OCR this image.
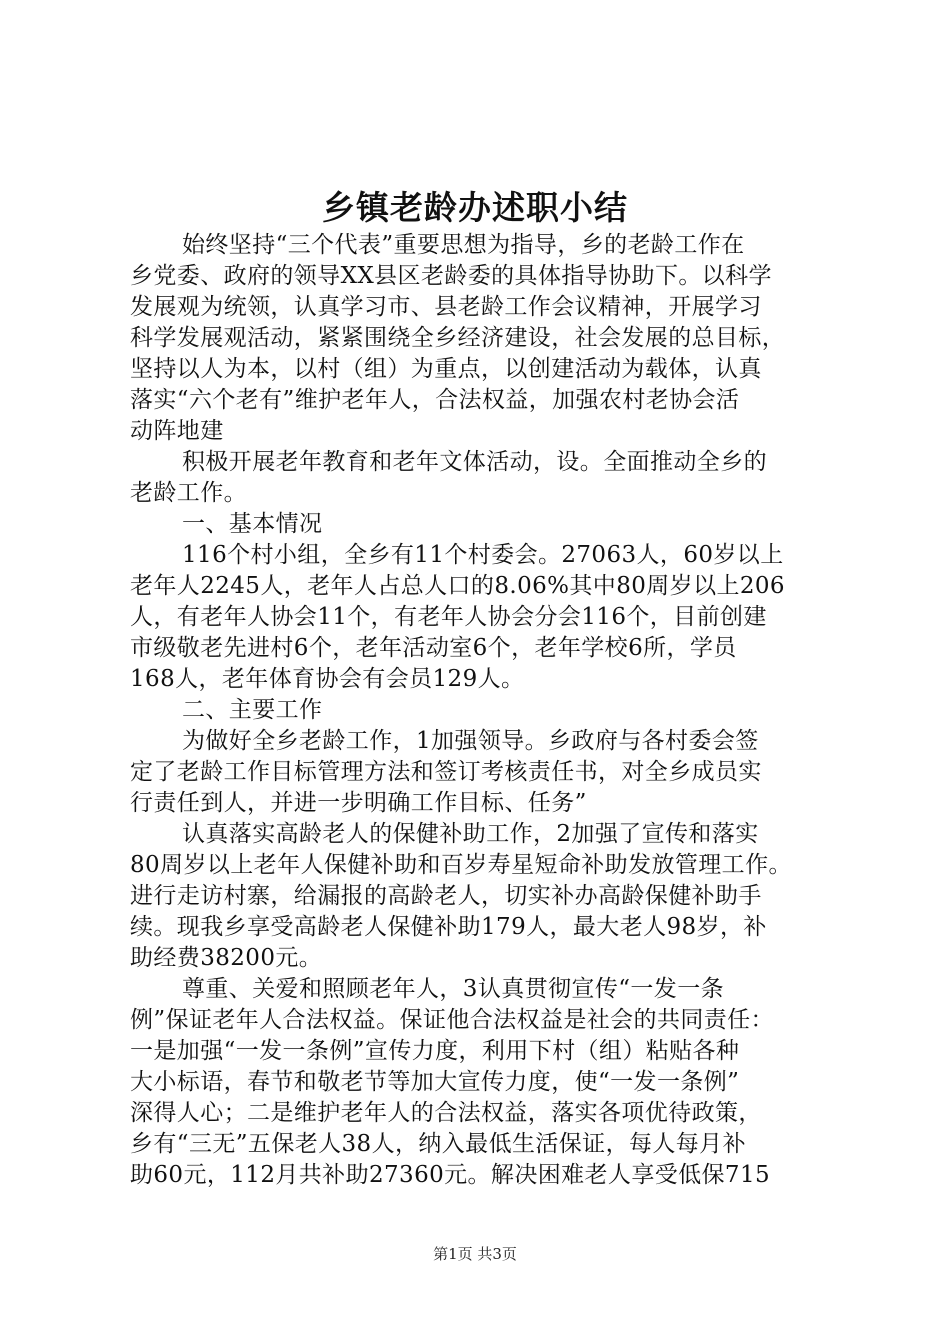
乡镇老龄办述职小结
始终坚持“三个代表”重要思想为指导，乡的老龄工作在
乡党委、政府的领导XX县区老龄委的具体指导协助下。以科学
发展观为统领，认真学习市、县老龄工作会议精神，开展学习
科学发展观活动，紧紧围绕全乡经济建设，社会发展的总目标，
坚持以人为本，以村（组）为重点，以创建活动为载体，认真
落实“六个老有”维护老年人，合法权益，加强农村老协会活
动阵地建
积极开展老年教育和老年文体活动，设。全面推动全乡的
老龄工作。
一、基本情况
116个村小组，全乡有11个村委会。27063人，60岁以上
老年人2245人，老年人占总人口的8.06%其中80周岁以上206
人，有老年人协会11个，有老年人协会分会116个，目前创建
市级敬老先进村6个，老年活动室6个，老年学校6所，学员
168人，老年体育协会有会员129人。
二、主要工作
为做好全乡老龄工作，1加强领导。乡政府与各村委会签
定了老龄工作目标管理方法和签订考核责任书，对全乡成员实
行责任到人，并进一步明确工作目标、任务”
认真落实高龄老人的保健补助工作，2加强了宣传和落实
80周岁以上老年人保健补助和百岁寿星短命补助发放管理工作。
进行走访村寨，给漏报的高龄老人，切实补办高龄保健补助手
续。现我乡享受高龄老人保健补助179人，最大老人98岁，补
助经费38200元。
尊重、关爱和照顾老年人，3认真贯彻宣传“一发一条
例”保证老年人合法权益。保证他合法权益是社会的共同责任：
一是加强“一发一条例”宣传力度，利用下村（组）粘贴各种
大小标语，春节和敬老节等加大宣传力度，使“一发一条例”
深得人心；二是维护老年人的合法权益，落实各项优待政策，
乡有“三无”五保老人38人，纳入最低生活保证，每人每月补
助60元，112月共补助27360元。解决困难老人享受低保715
第1页 共3页
